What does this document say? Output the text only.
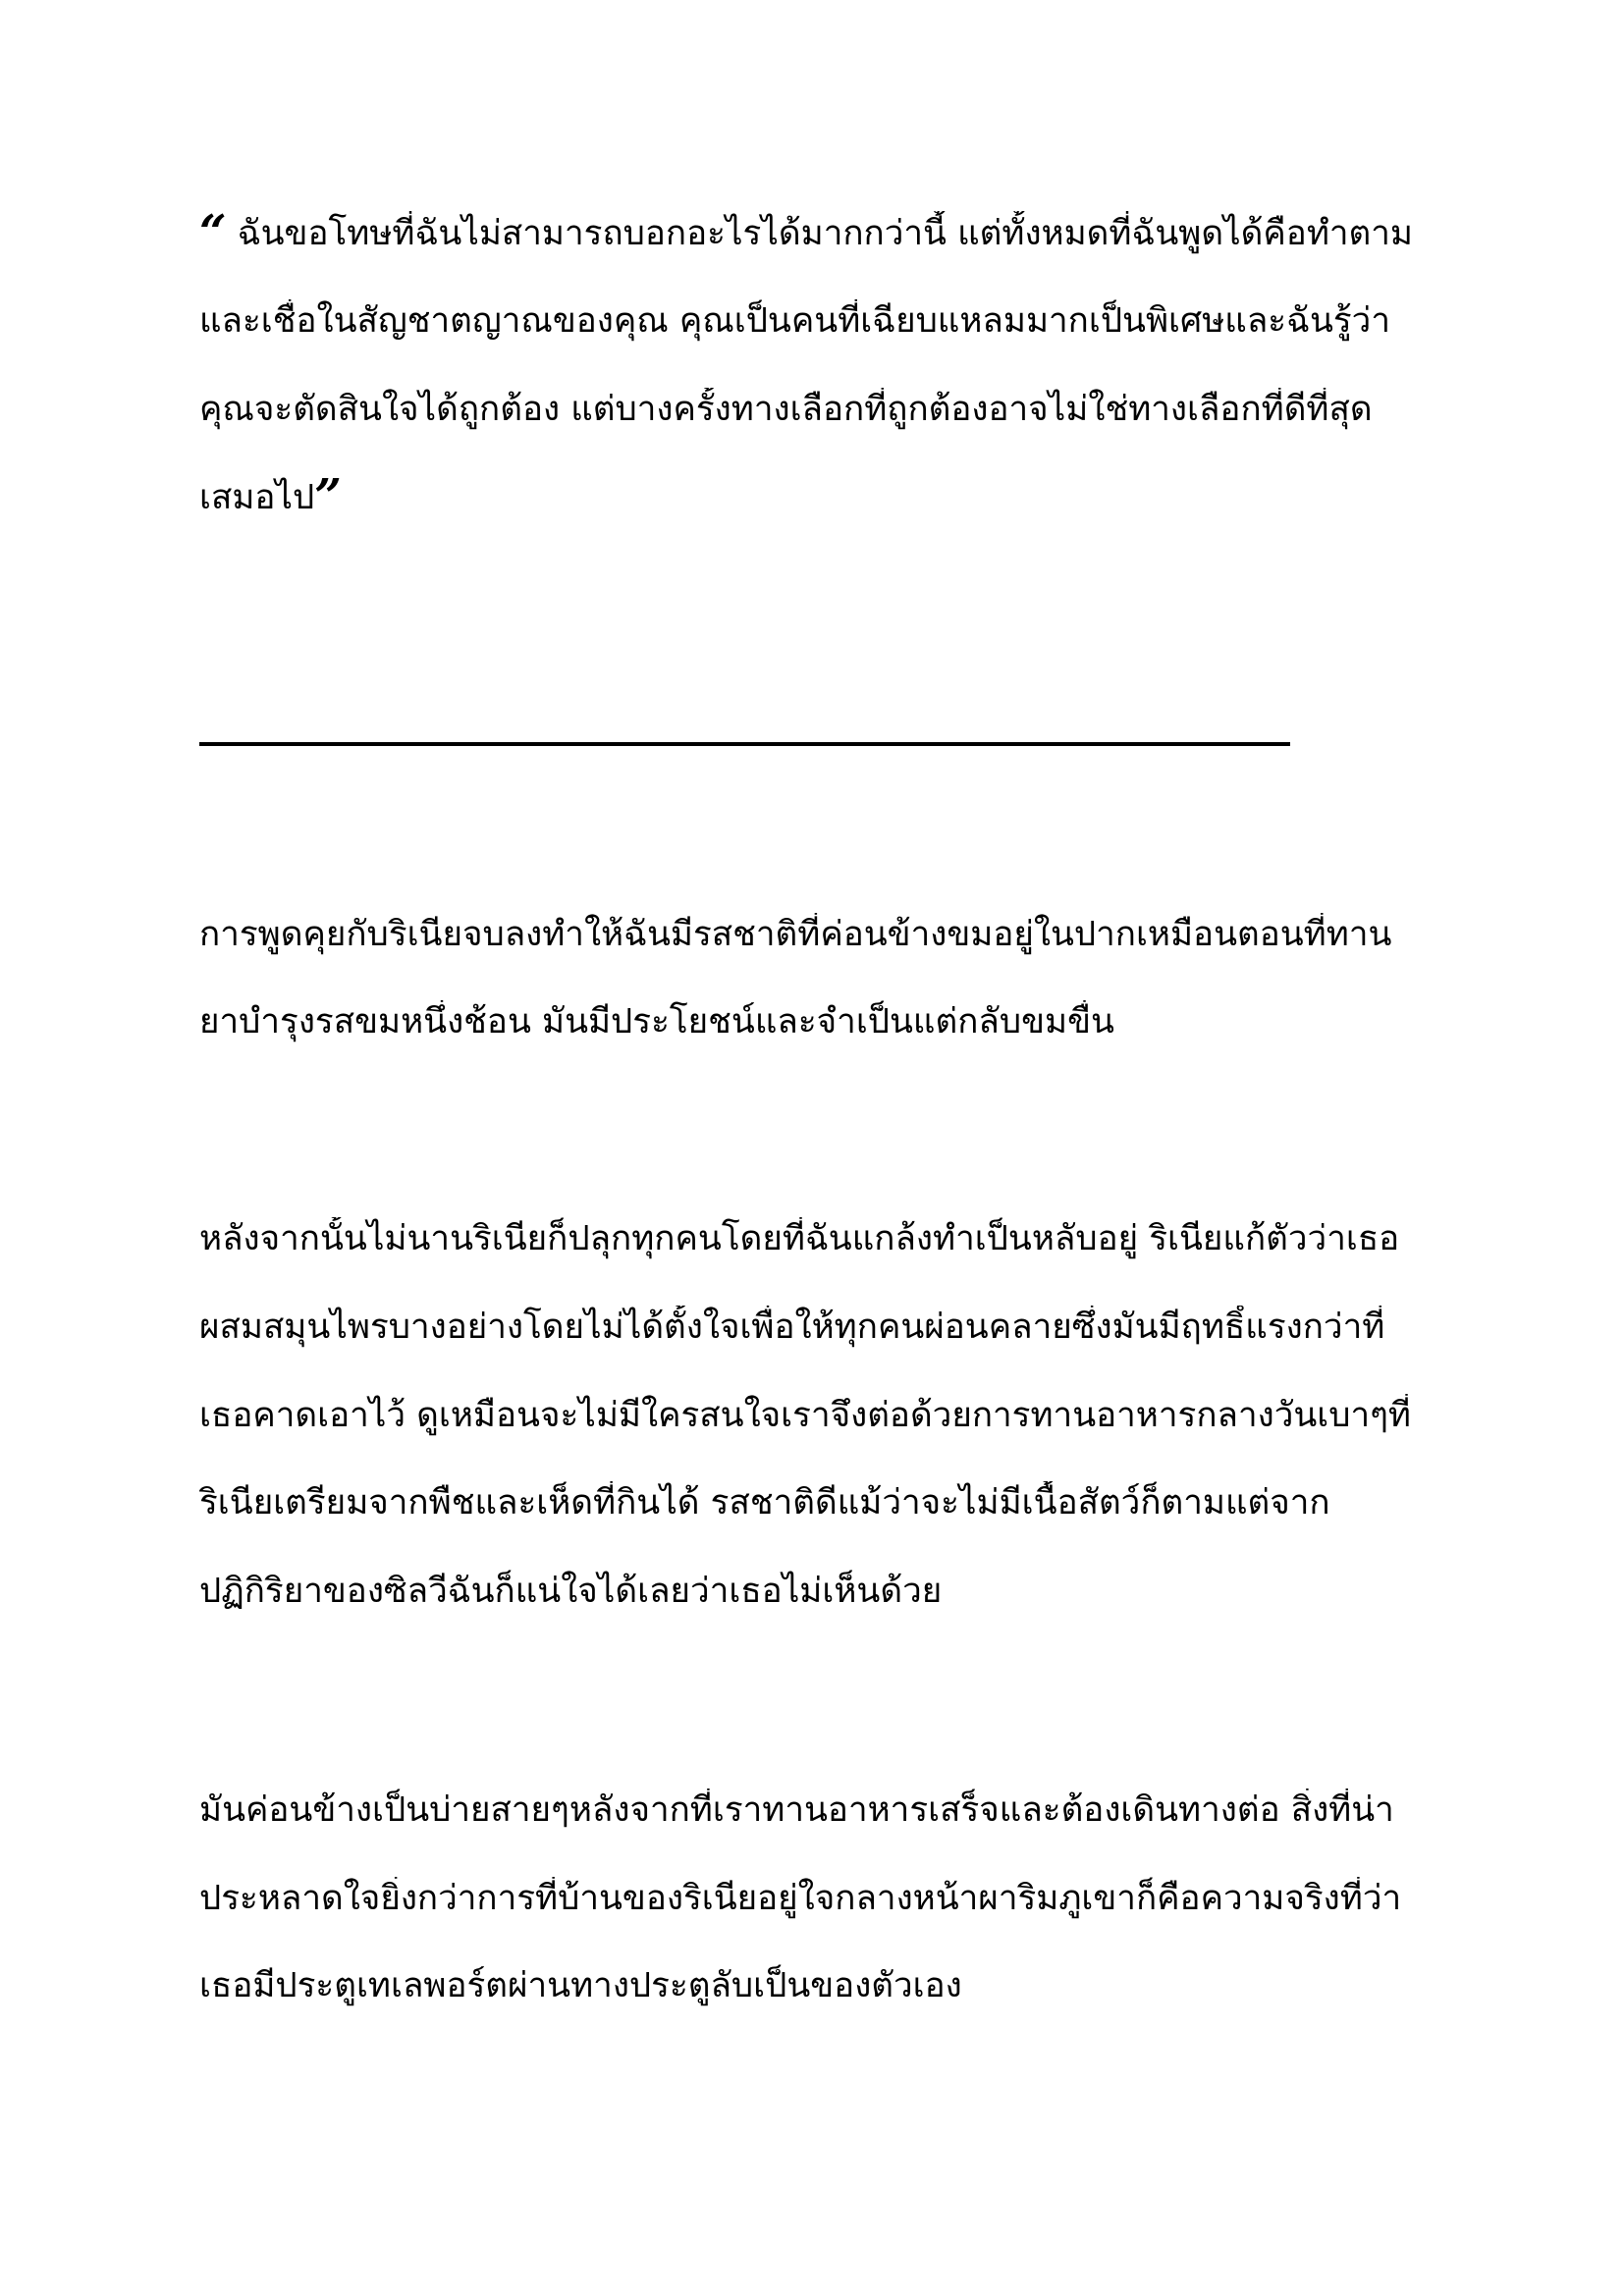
“ ฉันขอโทษที่ฉันไม่สามารถบอกอะไรได้มากกว่านี้ แต่ทั้งหมดที่ฉันพูดได้คือทำตาม
และเชื่อในสัญชาตญาณของคุณ คุณเป็นคนที่เฉียบแหลมมากเป็นพิเศษและฉันรู้ว่า
คุณจะตัดสินใจได้ถูกต้อง แต่บางครั้งทางเลือกที่ถูกต้องอาจไม่ใช่ทางเลือกที่ดีที่สุด
เสมอไป”
การพูดคุยกับริเนียจบลงทำให้ฉันมีรสชาติที่ค่อนข้างขมอยู่ในปากเหมือนตอนที่ทาน
ยาบำรุงรสขมหนึ่งช้อน มันมีประโยชน์และจำเป็นแต่กลับขมขื่น
หลังจากนั้นไม่นานริเนียก็ปลุกทุกคนโดยที่ฉันแกล้งทำเป็นหลับอยู่ ริเนียแก้ตัวว่าเธอ
ผสมสมุนไพรบางอย่างโดยไม่ได้ตั้งใจเพื่อให้ทุกคนผ่อนคลายซึ่งมันมีฤทธิ์แรงกว่าที่
เธอคาดเอาไว้ ดูเหมือนจะไม่มีใครสนใจเราจึงต่อด้วยการทานอาหารกลางวันเบาๆที่
ริเนียเตรียมจากพืชและเห็ดที่กินได้ รสชาติดีแม้ว่าจะไม่มีเนื้อสัตว์ก็ตามแต่จาก
ปฏิกิริยาของซิลวีฉันก็แน่ใจได้เลยว่าเธอไม่เห็นด้วย
มันค่อนข้างเป็นบ่ายสายๆหลังจากที่เราทานอาหารเสร็จและต้องเดินทางต่อ สิ่งที่น่า
ประหลาดใจยิ่งกว่าการที่บ้านของริเนียอยู่ใจกลางหน้าผาริมภูเขาก็คือความจริงที่ว่า
เธอมีประตูเทเลพอร์ตผ่านทางประตูลับเป็นของตัวเอง
